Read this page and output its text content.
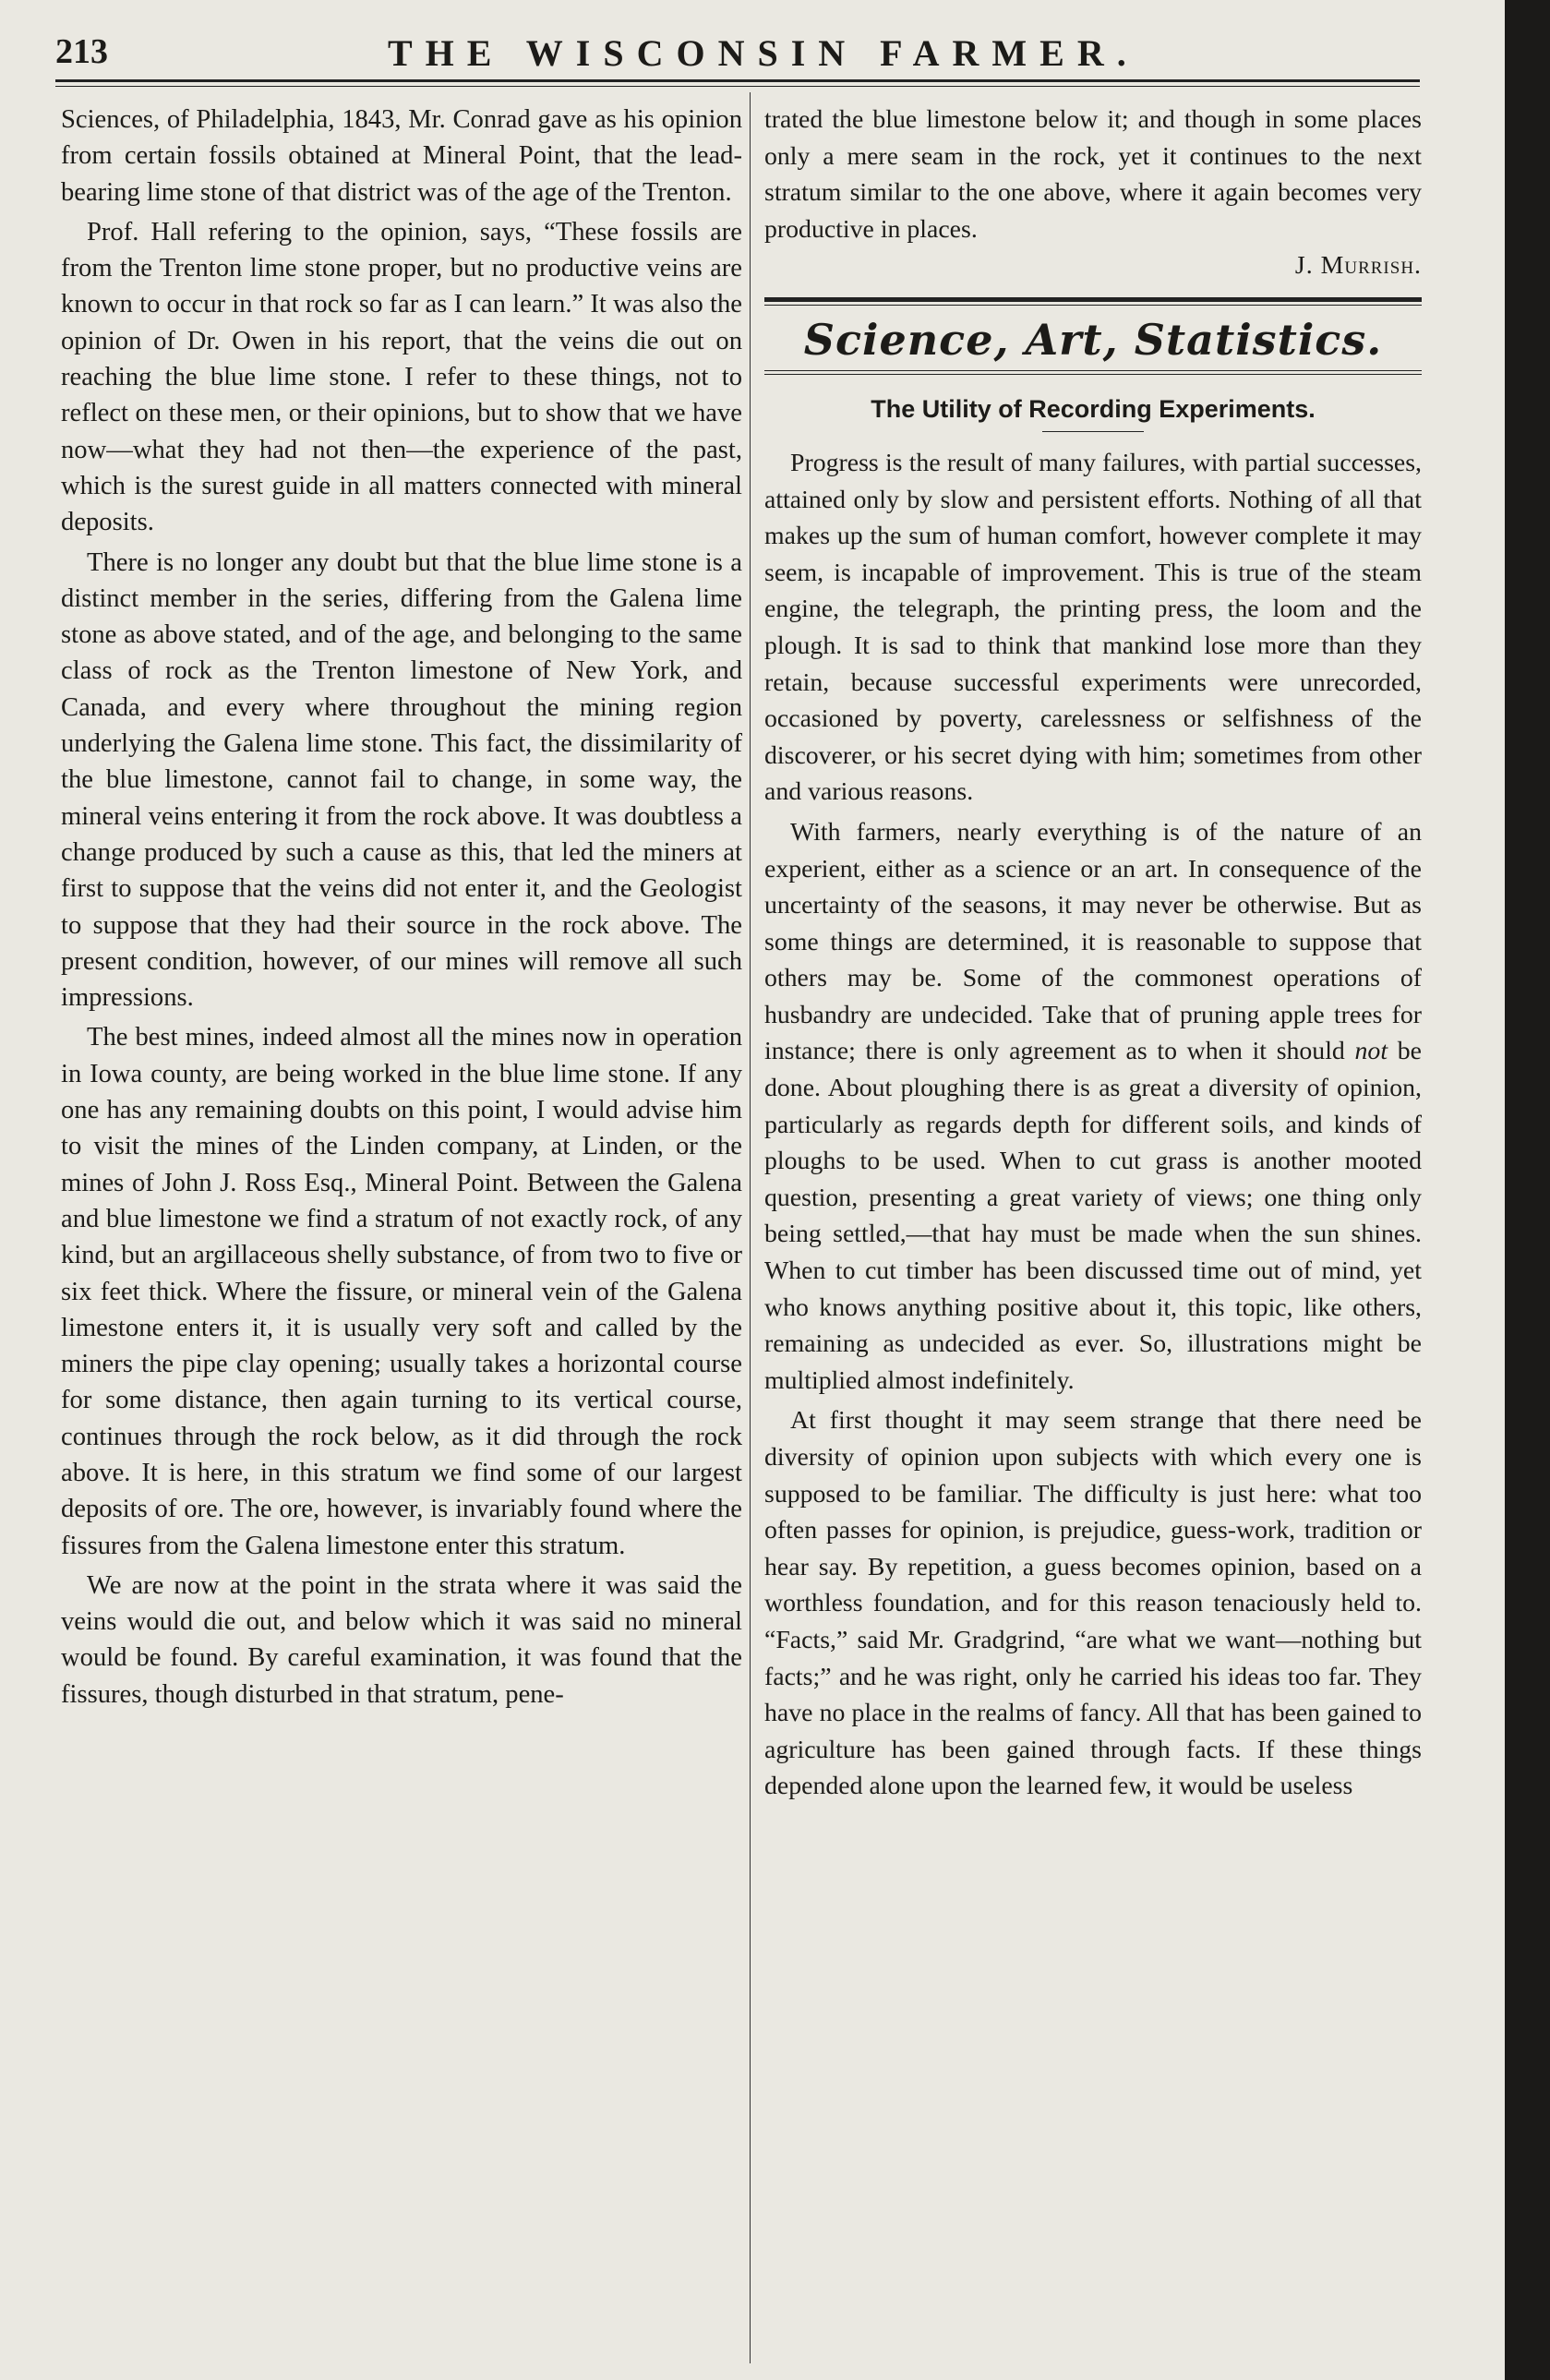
213	THE WISCONSIN FARMER.

Sciences, of Philadelphia, 1843, Mr. Conrad gave as his opinion from certain fossils obtained at Mineral Point, that the lead-bearing lime stone of that district was of the age of the Trenton.

Prof. Hall refering to the opinion, says, “These fossils are from the Trenton lime stone proper, but no productive veins are known to occur in that rock so far as I can learn.” It was also the opinion of Dr. Owen in his report, that the veins die out on reaching the blue lime stone. I refer to these things, not to reflect on these men, or their opinions, but to show that we have now—what they had not then—the experience of the past, which is the surest guide in all matters connected with mineral deposits.

There is no longer any doubt but that the blue lime stone is a distinct member in the series, differing from the Galena lime stone as above stated, and of the age, and belonging to the same class of rock as the Trenton limestone of New York, and Canada, and every where throughout the mining region underlying the Galena lime stone. This fact, the dissimilarity of the blue limestone, cannot fail to change, in some way, the mineral veins entering it from the rock above. It was doubtless a change produced by such a cause as this, that led the miners at first to suppose that the veins did not enter it, and the Geologist to suppose that they had their source in the rock above. The present condition, however, of our mines will remove all such impressions.

The best mines, indeed almost all the mines now in operation in Iowa county, are being worked in the blue lime stone. If any one has any remaining doubts on this point, I would advise him to visit the mines of the Linden company, at Linden, or the mines of John J. Ross Esq., Mineral Point. Between the Galena and blue limestone we find a stratum of not exactly rock, of any kind, but an argillaceous shelly substance, of from two to five or six feet thick. Where the fissure, or mineral vein of the Galena limestone enters it, it is usually very soft and called by the miners the pipe clay opening; usually takes a horizontal course for some distance, then again turning to its vertical course, continues through the rock below, as it did through the rock above. It is here, in this stratum we find some of our largest deposits of ore. The ore, however, is invariably found where the fissures from the Galena limestone enter this stratum.

We are now at the point in the strata where it was said the veins would die out, and below which it was said no mineral would be found. By careful examination, it was found that the fissures, though disturbed in that stratum, pene-

trated the blue limestone below it; and though in some places only a mere seam in the rock, yet it continues to the next stratum similar to the one above, where it again becomes very productive in places.

J. Murrish.

Science, Art, Statistics.
The Utility of Recording Experiments.

Progress is the result of many failures, with partial successes, attained only by slow and persistent efforts. Nothing of all that makes up the sum of human comfort, however complete it may seem, is incapable of improvement. This is true of the steam engine, the telegraph, the printing press, the loom and the plough. It is sad to think that mankind lose more than they retain, because successful experiments were unrecorded, occasioned by poverty, carelessness or selfishness of the discoverer, or his secret dying with him; sometimes from other and various reasons.

With farmers, nearly everything is of the nature of an experient, either as a science or an art. In consequence of the uncertainty of the seasons, it may never be otherwise. But as some things are determined, it is reasonable to suppose that others may be. Some of the commonest operations of husbandry are undecided. Take that of pruning apple trees for instance; there is only agreement as to when it should not be done. About ploughing there is as great a diversity of opinion, particularly as regards depth for different soils, and kinds of ploughs to be used. When to cut grass is another mooted question, presenting a great variety of views; one thing only being settled,—that hay must be made when the sun shines. When to cut timber has been discussed time out of mind, yet who knows anything positive about it, this topic, like others, remaining as undecided as ever. So, illustrations might be multiplied almost indefinitely.

At first thought it may seem strange that there need be diversity of opinion upon subjects with which every one is supposed to be familiar. The difficulty is just here: what too often passes for opinion, is prejudice, guess-work, tradition or hear say. By repetition, a guess becomes opinion, based on a worthless foundation, and for this reason tenaciously held to. “Facts,” said Mr. Gradgrind, “are what we want—nothing but facts;” and he was right, only he carried his ideas too far. They have no place in the realms of fancy. All that has been gained to agriculture has been gained through facts. If these things depended alone upon the learned few, it would be useless
